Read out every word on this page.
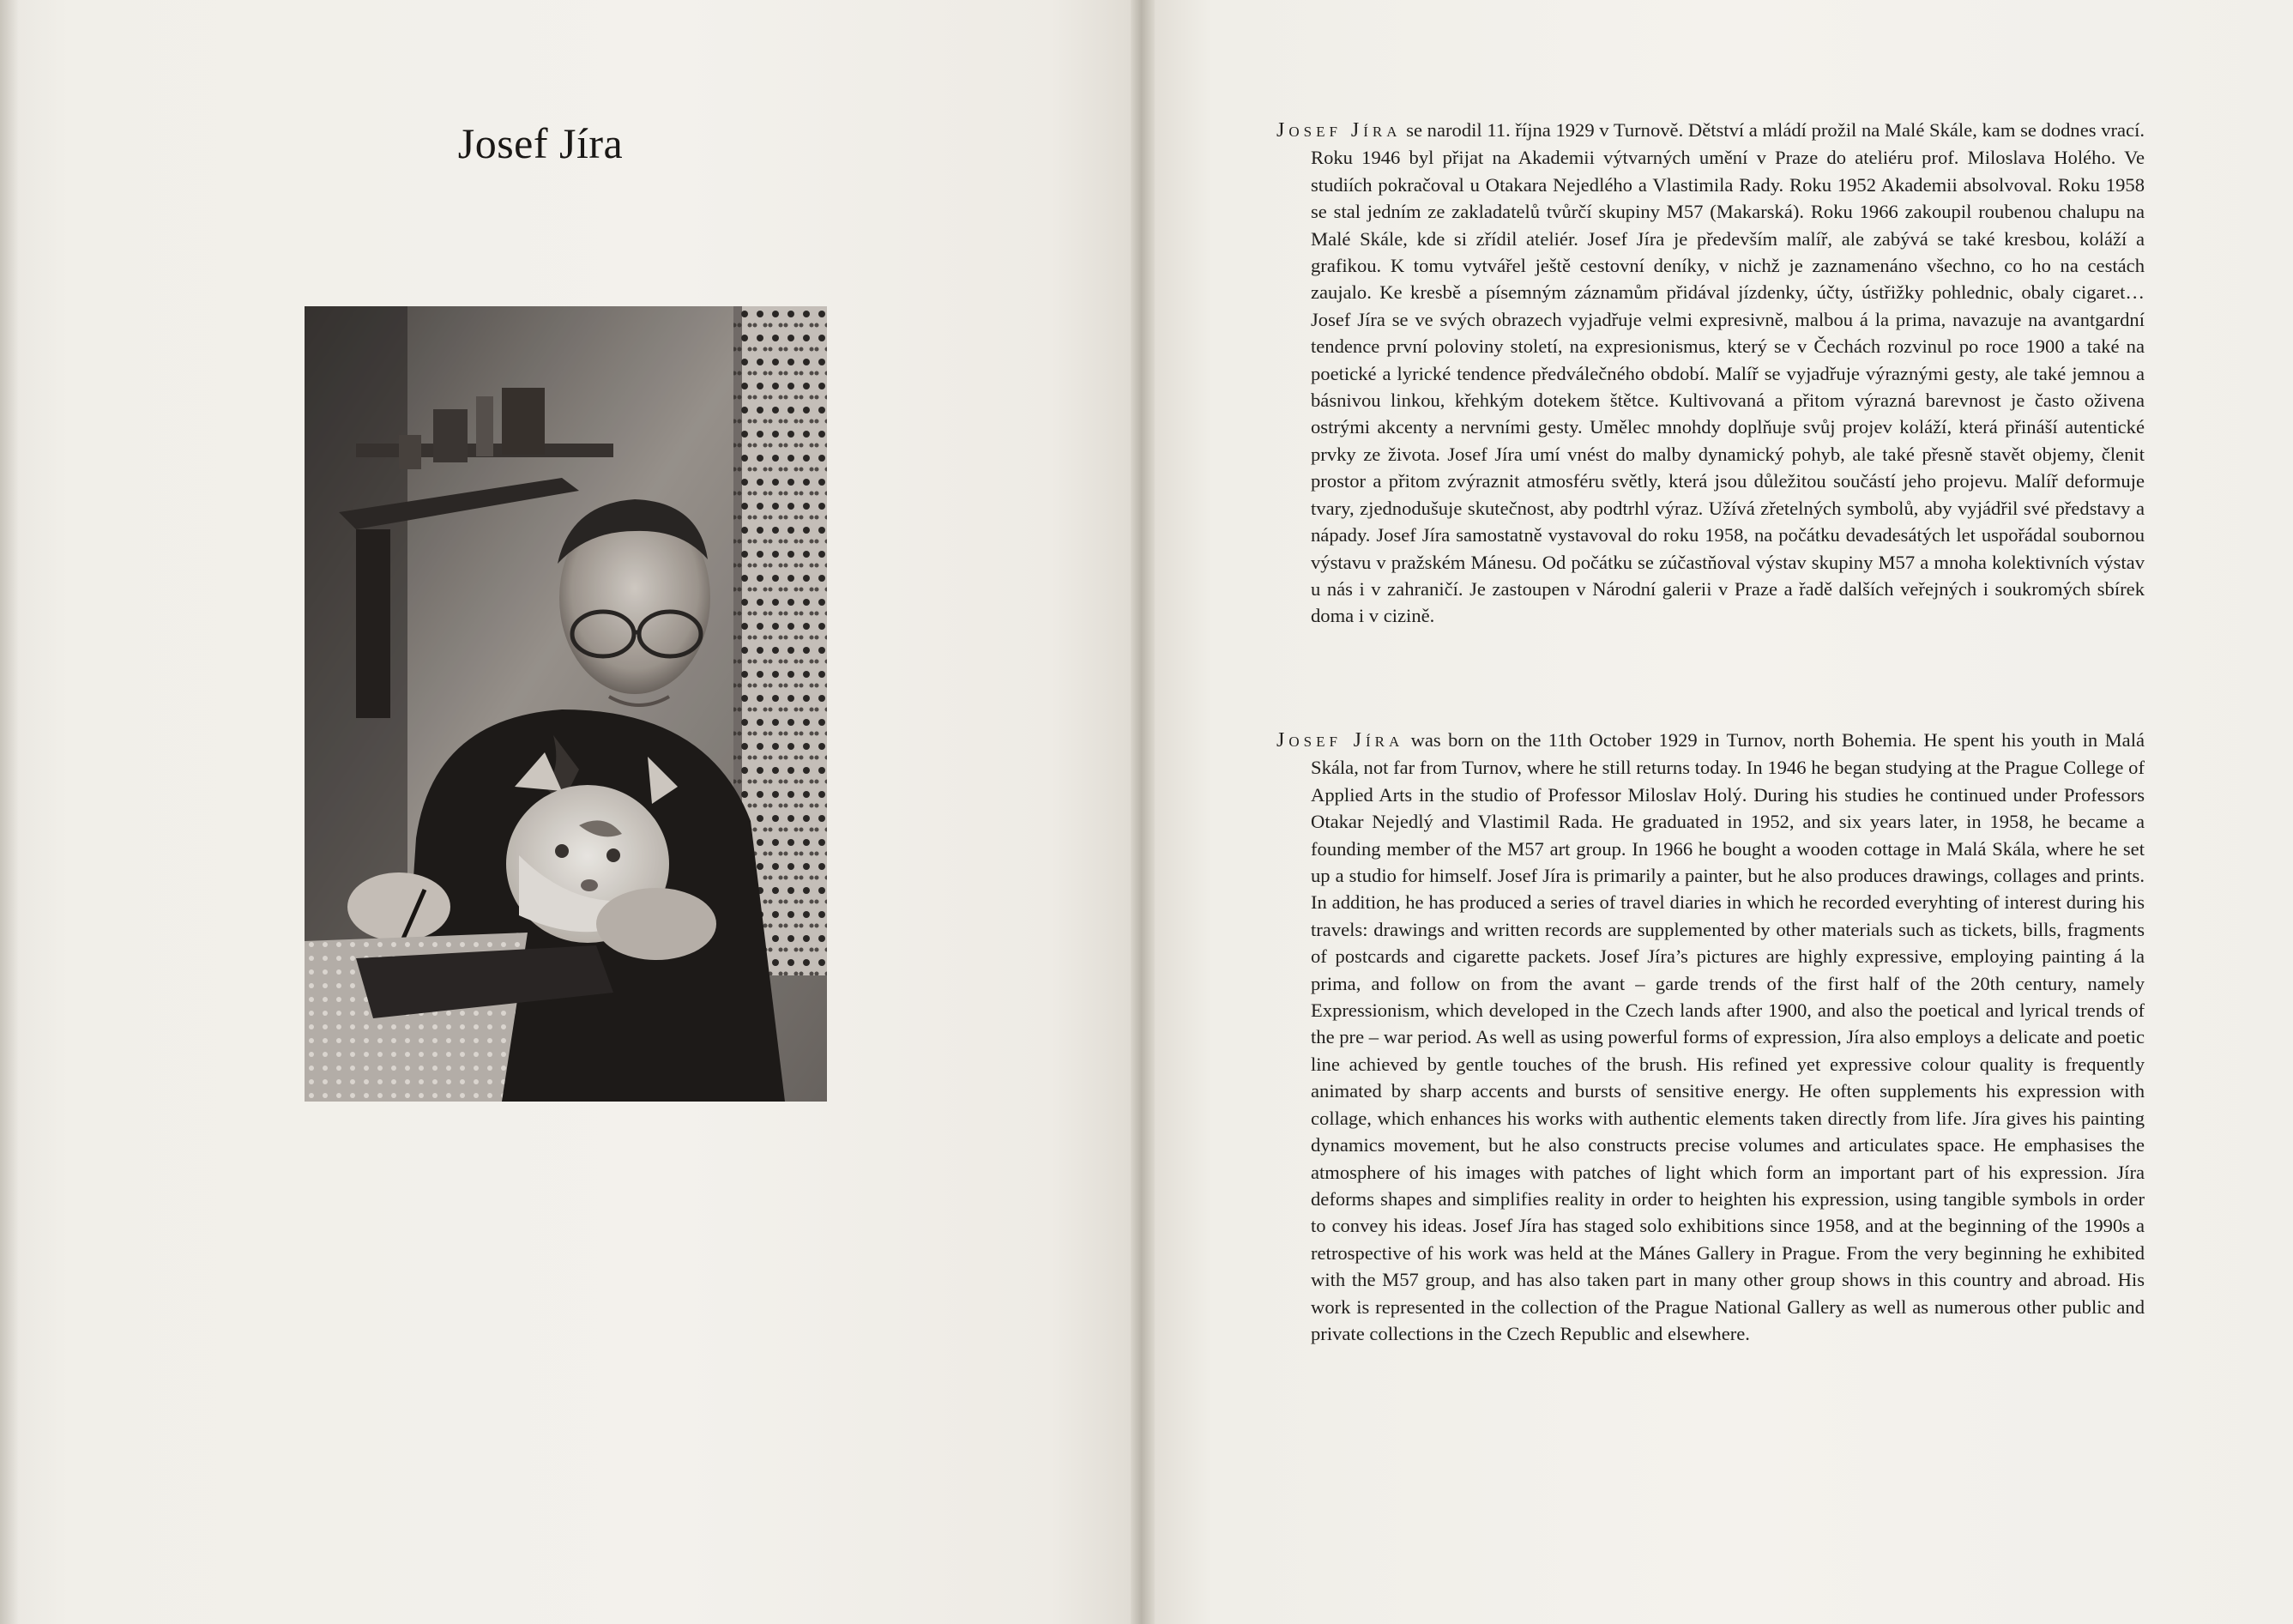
Josef Jíra	Josef Jíra se narodil 11. října 1929 v Turnově. Dětství a mládí prožil na Malé Skále, kam se dodnes vrací. Roku 1946 byl přijat na Akademii výtvarných umění v Praze do ateliéru prof. Miloslava Holého. Ve studiích pokračoval u Otakara Nejedlého a Vlastimila Rady. Roku 1952 Akademii absolvoval. Roku 1958 se stal jedním ze zakladatelů tvůrčí skupiny M57 (Makarská). Roku 1966 zakoupil roubenou chalupu na Malé Skále, kde si zřídil ateliér. Josef Jíra je především malíř, ale zabývá se také kresbou, koláží a grafikou. K tomu vytvářel ještě cestovní deníky, v nichž je zaznamenáno všechno, co ho na cestách zaujalo. Ke kresbě a písemným záznamům přidával jízdenky, účty, ústřižky pohlednic, obaly cigaret… Josef Jíra se ve svých obrazech vyjadřuje velmi expresivně, malbou á la prima, navazuje na avantgardní tendence první poloviny století, na expresionismus, který se v Čechách rozvinul po roce 1900 a také na poetické a lyrické tendence předválečného období. Malíř se vyjadřuje výraznými gesty, ale také jemnou a básnivou linkou, křehkým dotekem štětce. Kultivovaná a přitom výrazná barevnost je často oživena ostrými akcenty a nervními gesty. Umělec mnohdy doplňuje svůj projev koláží, která přináší autentické prvky ze života. Josef Jíra umí vnést do malby dynamický pohyb, ale také přesně stavět objemy, členit prostor a přitom zvýraznit atmosféru světly, která jsou důležitou součástí jeho projevu. Malíř deformuje tvary, zjednodušuje skutečnost, aby podtrhl výraz. Užívá zřetelných symbolů, aby vyjádřil své představy a nápady. Josef Jíra samostatně vystavoval do roku 1958, na počátku devadesátých let uspořádal soubornou výstavu v pražském Mánesu. Od počátku se zúčastňoval výstav skupiny M57 a mnoha kolektivních výstav u nás i v zahraničí. Je zastoupen v Národní galerii v Praze a řadě dalších veřejných i soukromých sbírek doma i v cizině.

Josef Jíra was born on the 11th October 1929 in Turnov, north Bohemia. He spent his youth in Malá Skála, not far from Turnov, where he still returns today. In 1946 he began studying at the Prague College of Applied Arts in the studio of Professor Miloslav Holý. During his studies he continued under Professors Otakar Nejedlý and Vlastimil Rada. He graduated in 1952, and six years later, in 1958, he became a founding member of the M57 art group. In 1966 he bought a wooden cottage in Malá Skála, where he set up a studio for himself. Josef Jíra is primarily a painter, but he also produces drawings, collages and prints. In addition, he has produced a series of travel diaries in which he recorded everyhting of interest during his travels: drawings and written records are supplemented by other materials such as tickets, bills, fragments of postcards and cigarette packets. Josef Jíra’s pictures are highly expressive, employing painting á la prima, and follow on from the avant – garde trends of the first half of the 20th century, namely Expressionism, which developed in the Czech lands after 1900, and also the poetical and lyrical trends of the pre – war period. As well as using powerful forms of expression, Jíra also employs a delicate and poetic line achieved by gentle touches of the brush. His refined yet expressive colour quality is frequently animated by sharp accents and bursts of sensitive energy. He often supplements his expression with collage, which enhances his works with authentic elements taken directly from life. Jíra gives his painting dynamics movement, but he also constructs precise volumes and articulates space. He emphasises the atmosphere of his images with patches of light which form an important part of his expression. Jíra deforms shapes and simplifies reality in order to heighten his expression, using tangible symbols in order to convey his ideas. Josef Jíra has staged solo exhibitions since 1958, and at the beginning of the 1990s a retrospective of his work was held at the Mánes Gallery in Prague. From the very beginning he exhibited with the M57 group, and has also taken part in many other group shows in this country and abroad. His work is represented in the collection of the Prague National Gallery as well as numerous other public and private collections in the Czech Republic and elsewhere.
